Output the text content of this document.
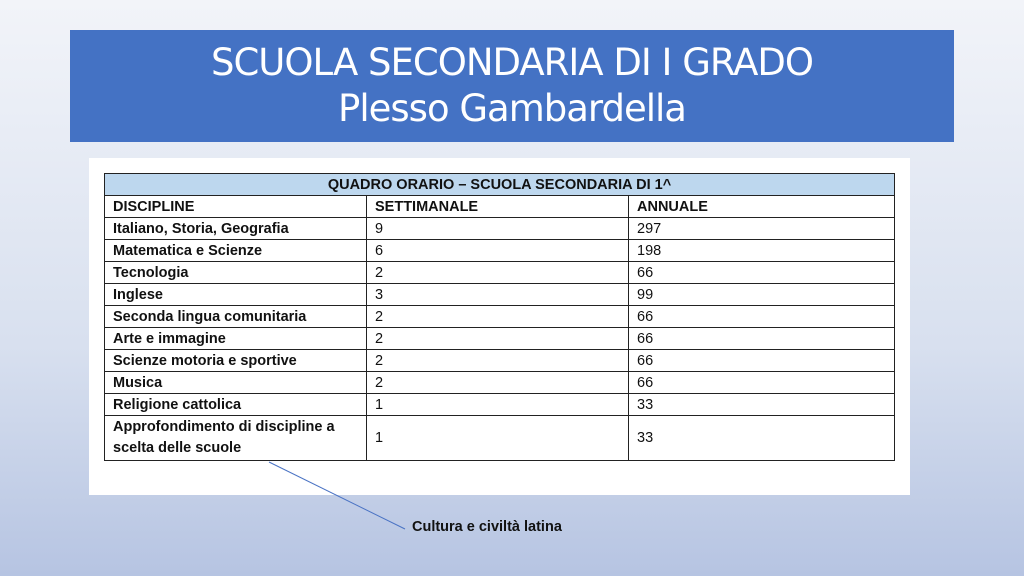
SCUOLA SECONDARIA DI I GRADO
Plesso Gambardella
QUADRO ORARIO – SCUOLA SECONDARIA DI 1^		
DISCIPLINE	SETTIMANALE	ANNUALE
Italiano, Storia, Geografia	9	297
Matematica e Scienze	6	198
Tecnologia	2	66
Inglese	3	99
Seconda lingua comunitaria	2	66
Arte e immagine	2	66
Scienze motoria e sportive	2	66
Musica	2	66
Religione cattolica	1	33

Approfondimento di discipline a
scelta delle scuole	1	33
Cultura e civiltà latina
